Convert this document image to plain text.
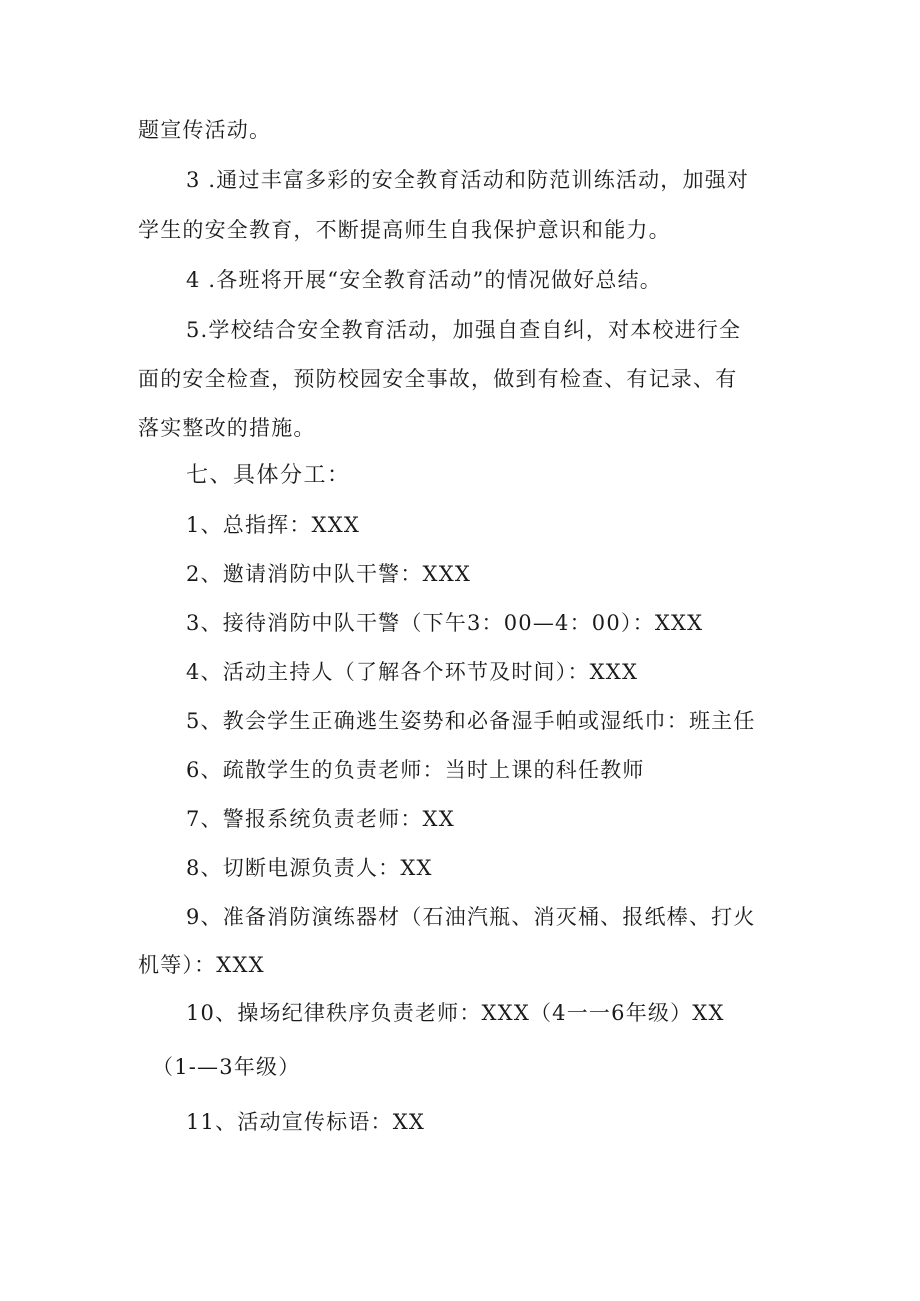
题宣传活动。
3 .通过丰富多彩的安全教育活动和防范训练活动，加强对
学生的安全教育，不断提高师生自我保护意识和能力。
4 .各班将开展“安全教育活动”的情况做好总结。
5.学校结合安全教育活动，加强自查自纠，对本校进行全
面的安全检查，预防校园安全事故，做到有检查、有记录、有
落实整改的措施。
七、具体分工：
1、总指挥：XXX
2、邀请消防中队干警：XXX
3、接待消防中队干警（下午3：00—4：00）：XXX
4、活动主持人（了解各个环节及时间）：XXX
5、教会学生正确逃生姿势和必备湿手帕或湿纸巾：班主任
6、疏散学生的负责老师：当时上课的科任教师
7、警报系统负责老师：XX
8、切断电源负责人：XX
9、准备消防演练器材（石油汽瓶、消灭桶、报纸棒、打火
机等）：XXX
10、操场纪律秩序负责老师：XXX（4一一6年级）XX
（1-—3年级）
11、活动宣传标语：XX
